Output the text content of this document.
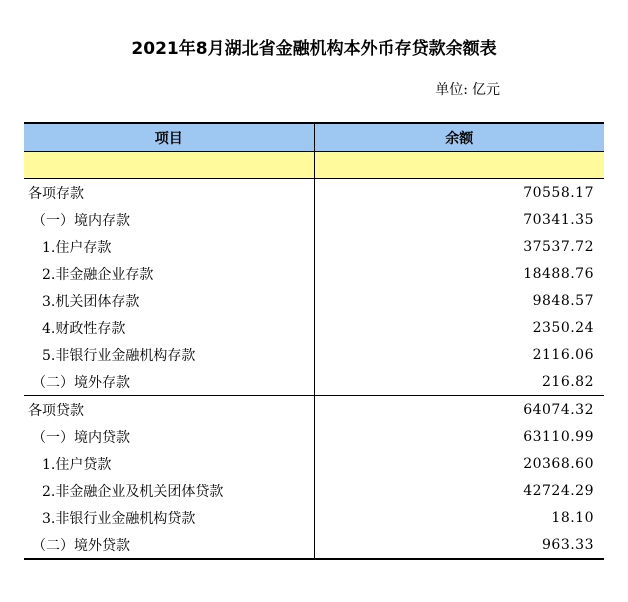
2021年8月湖北省金融机构本外币存贷款余额表
单位: 亿元
项目	余额

各项存款	70558.17
（一）境内存款	70341.35
1.住户存款	37537.72
2.非金融企业存款	18488.76
3.机关团体存款	9848.57
4.财政性存款	2350.24
5.非银行业金融机构存款	2116.06
（二）境外存款	216.82
各项贷款	64074.32
（一）境内贷款	63110.99
1.住户贷款	20368.60
2.非金融企业及机关团体贷款	42724.29
3.非银行业金融机构贷款	18.10
（二）境外贷款	963.33
